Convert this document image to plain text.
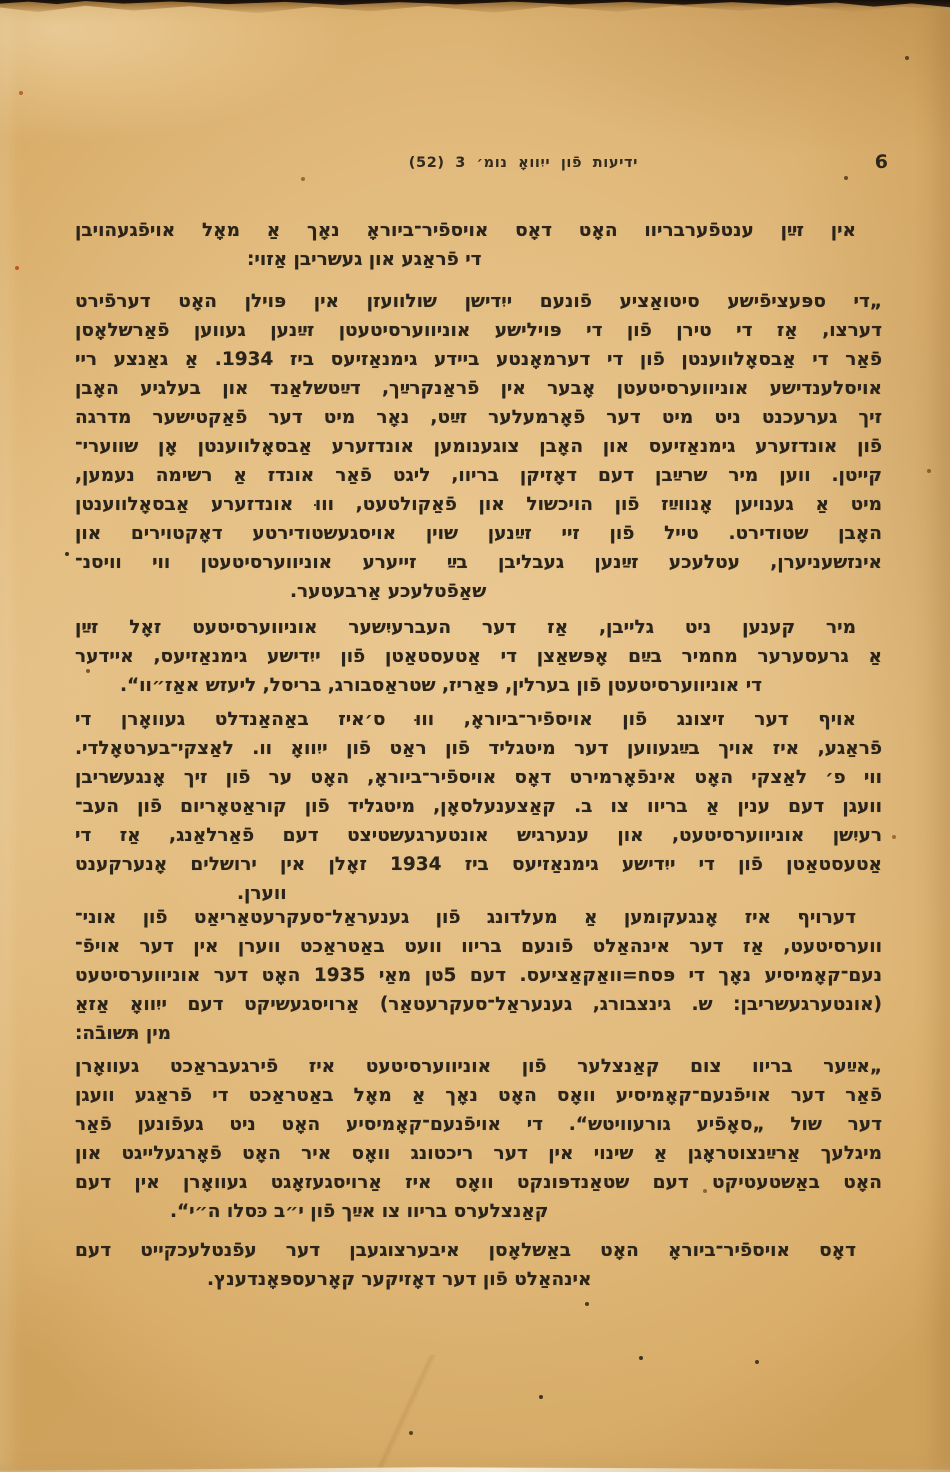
ידיעות פֿון ייִוואָ נומ׳ 3 (52)	6
אין זײַן ענטפֿערבריוו האָט דאָס אויספֿיר־ביוראָ נאָך אַ מאָל אויפֿגעהויבן
די פֿראַגע און געשריבן אַזוי:
„די ספּעציפֿישע סיטואַציע פֿונעם ייִדישן שולוועזן אין פּוילן האָט דערפֿירט
דערצו, אַז די טירן פֿון די פּוילישע אוניווערסיטעטן זײַנען געווען פֿאַרשלאָסן
פֿאַר די אַבסאָלווענטן פֿון די דערמאָנטע ביידע גימנאַזיעס ביז 1934. אַ גאַנצע ריי
אויסלענדישע אוניווערסיטעטן אָבער אין פֿראַנקרײַך, דײַטשלאַנד און בעלגיע האָבן
זיך גערעכנט ניט מיט דער פֿאָרמעלער זײַט, נאָר מיט דער פֿאַקטישער מדרגה
פֿון אונדזערע גימנאַזיעס און האָבן צוגענומען אונדזערע אַבסאָלווענטן אָן שווערי־
קייטן. ווען מיר שרײַבן דעם דאָזיקן בריוו, ליגט פֿאַר אונדז אַ רשימה נעמען,
מיט אַ גענויען אָנווײַז פֿון הויכשול און פֿאַקולטעט, וווּ אונדזערע אַבסאָלווענטן
האָבן שטודירט. טייל פֿון זיי זײַנען שוין אויסגעשטודירטע דאָקטוירים און
אינזשעניערן, עטלעכע זײַנען געבליבן בײַ זייערע אוניווערסיטעטן ווי וויסנ־
שאַפֿטלעכע אַרבעטער.
מיר קענען ניט גלייבן, אַז דער העברעיִשער אוניווערסיטעט זאָל זײַן
אַ גרעסערער מחמיר בײַם אָפּשאַצן די אַטעסטאַטן פֿון ייִדישע גימנאַזיעס, איידער
די אוניווערסיטעטן פֿון בערלין, פּאַריז, שטראַסבורג, בריסל, ליעזש אאַז״וו“.
אויף דער זיצונג פֿון אויספֿיר־ביוראָ, וווּ ס׳איז באַהאַנדלט געוואָרן די
פֿראַגע, איז אויך בײַגעווען דער מיטגליד פֿון ראַט פֿון ייִוואָ וו. לאַצקי־בערטאָלדי.
ווי פ׳ לאַצקי האָט אינפֿאָרמירט דאָס אויספֿיר־ביוראָ, האָט ער פֿון זיך אָנגעשריבן
וועגן דעם ענין אַ בריוו צו ב. קאַצענעלסאָן, מיטגליד פֿון קוראַטאָריום פֿון העב־
רעיִשן אוניווערסיטעט, און ענערגיש אונטערגעשטיצט דעם פֿאַרלאַנג, אַז די
אַטעסטאַטן פֿון די ייִדישע גימנאַזיעס ביז 1934 זאָלן אין ירושלים אָנערקענט
ווערן.
דערויף איז אָנגעקומען אַ מעלדונג פֿון גענעראַל־סעקרעטאַריאַט פֿון אוני־
ווערסיטעט, אַז דער אינהאַלט פֿונעם בריוו וועט באַטראַכט ווערן אין דער אויפֿ־
נעם־קאָמיסיע נאָך די פּסח=וואַקאַציעס. דעם 5טן מאַי 1935 האָט דער אוניווערסיטעט
(אונטערגעשריבן: ש. גינצבורג, גענעראַל־סעקרעטאַר) אַרויסגעשיקט דעם ייִוואָ אַזאַ
מין תּשובֿה:
„אײַער בריוו צום קאַנצלער פֿון אוניווערסיטעט איז פֿירגעבראַכט געוואָרן
פֿאַר דער אויפֿנעם־קאָמיסיע וואָס האָט נאָך אַ מאָל באַטראַכט די פֿראַגע וועגן
דער שול „סאָפֿיע גורעוויטש“. די אויפֿנעם־קאָמיסיע האָט ניט געפֿונען פֿאַר
מיגלעך אַרײַנצוטראָגן אַ שינוי אין דער ריכטונג וואָס איר האָט פֿאָרגעלייגט און
האָט באַשטעטיקט דעם שטאַנדפּונקט וואָס איז אַרויסגעזאָגט געוואָרן אין דעם
קאַנצלערס בריוו צו אײַך פֿון י״ב כּסלו ה״י“.
דאָס אויספֿיר־ביוראָ האָט באַשלאָסן איבערצוגעבן דער עפֿנטלעכקייט דעם
אינהאַלט פֿון דער דאָזיקער קאָרעספּאָנדענץ.
